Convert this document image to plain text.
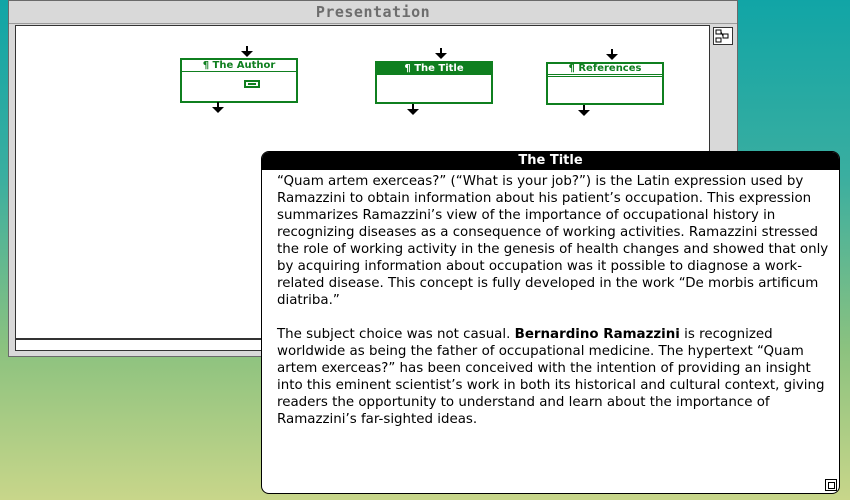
Presentation
¶ The Author	¶ The Title	¶ References
The Title

“Quam artem exerceas?” (“What is your job?”) is the Latin expression used by Ramazzini to obtain information about his patient’s occupation. This expression summarizes Ramazzini’s view of the importance of occupational history in recognizing diseases as a consequence of working activities. Ramazzini stressed the role of working activity in the genesis of health changes and showed that only by acquiring information about occupation was it possible to diagnose a work-related disease. This concept is fully developed in the work “De morbis artificum diatriba.”

The subject choice was not casual. Bernardino Ramazzini is recognized worldwide as being the father of occupational medicine. The hypertext “Quam artem exerceas?” has been conceived with the intention of providing an insight into this eminent scientist’s work in both its historical and cultural context, giving readers the opportunity to understand and learn about the importance of Ramazzini’s far-sighted ideas.
